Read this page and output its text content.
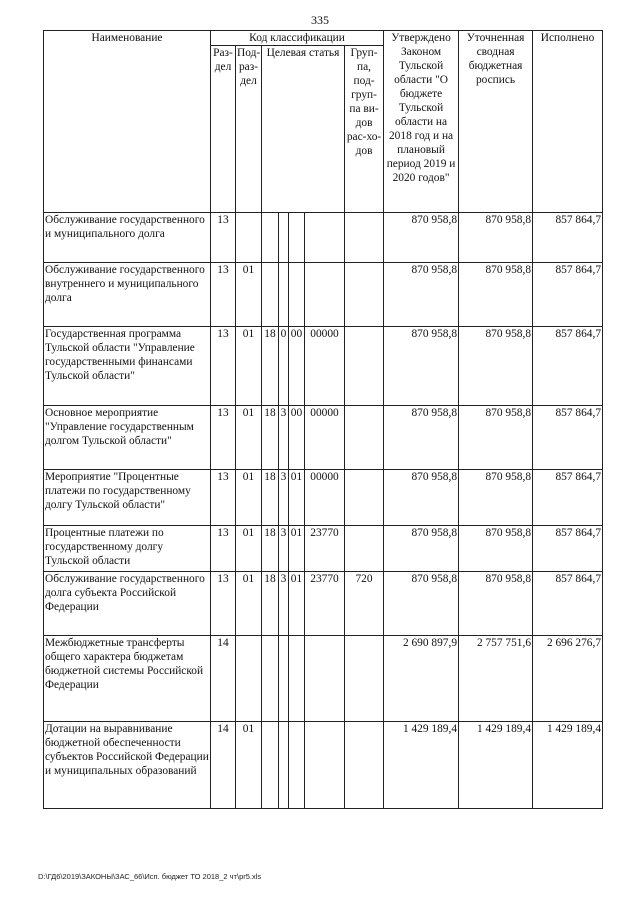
335
Наименование	Код классификации							Утверждено Законом Тульской области "О бюджете Тульской области на 2018 год и на плановый период 2019 и 2020 годов"	Уточненная сводная бюджетная роспись	Исполнено
	Раз-дел	Под-раз-дел	Целевая статья				Груп-па, под-груп-па ви-дов рас-хо-дов			
Обслуживание государственного и муниципального долга	13							870 958,8	870 958,8	857 864,7
Обслуживание государственного внутреннего и муниципального долга	13	01						870 958,8	870 958,8	857 864,7
Государственная программа Тульской области "Управление государственными финансами Тульской области"	13	01	18	0	00	00000		870 958,8	870 958,8	857 864,7
Основное мероприятие "Управление государственным долгом Тульской области"	13	01	18	3	00	00000		870 958,8	870 958,8	857 864,7
Мероприятие "Процентные платежи по государственному долгу Тульской области"	13	01	18	3	01	00000		870 958,8	870 958,8	857 864,7
Процентные платежи по государственному долгу Тульской области	13	01	18	3	01	23770		870 958,8	870 958,8	857 864,7
Обслуживание государственного долга субъекта Российской Федерации	13	01	18	3	01	23770	720	870 958,8	870 958,8	857 864,7
Межбюджетные трансферты общего характера бюджетам бюджетной системы Российской Федерации	14							2 690 897,9	2 757 751,6	2 696 276,7
Дотации на выравнивание бюджетной обеспеченности субъектов Российской Федерации и муниципальных образований	14	01						1 429 189,4	1 429 189,4	1 429 189,4
D:\ГД6\2019\ЗАКОНЫ\ЗАС_66\Исп. бюджет ТО 2018_2 чт\pr5.xls
